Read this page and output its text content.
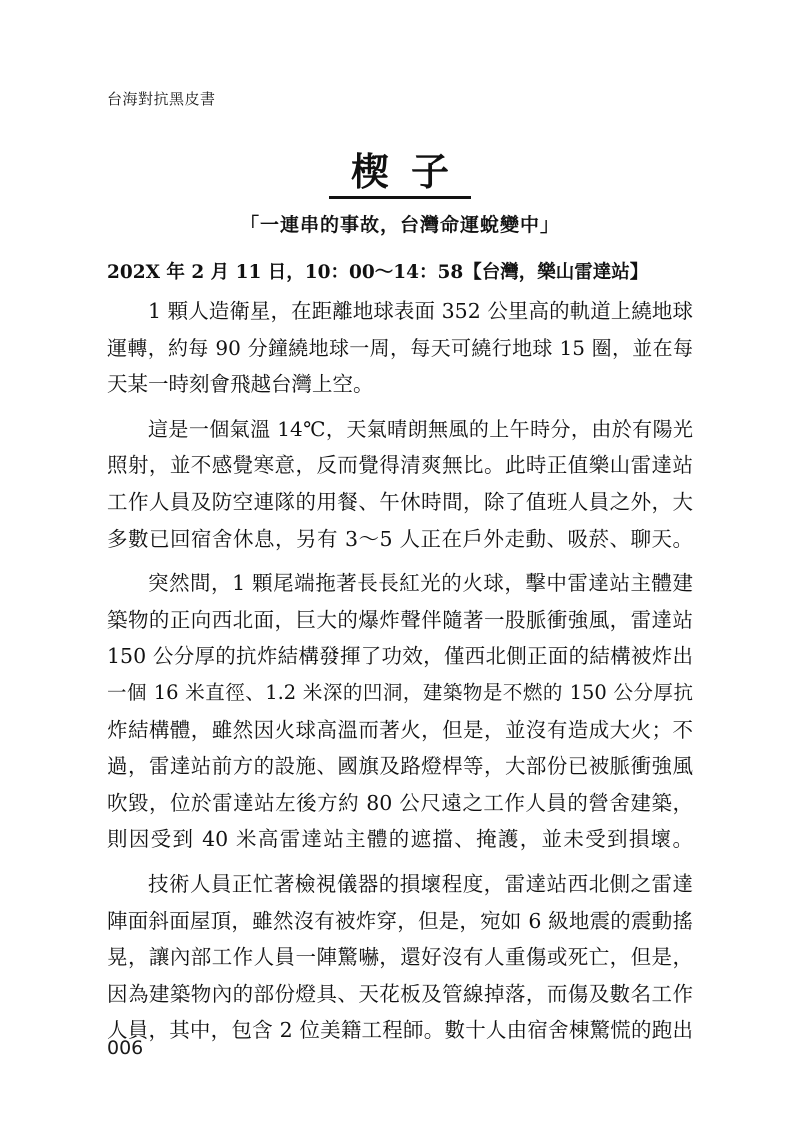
台海對抗黑皮書
楔子
「一連串的事故，台灣命運蛻變中」
202X 年 2 月 11 日，10：00～14：58【台灣，樂山雷達站】
1 顆人造衛星，在距離地球表面 352 公里高的軌道上繞地球
運轉，約每 90 分鐘繞地球一周，每天可繞行地球 15 圈，並在每
天某一時刻會飛越台灣上空。
這是一個氣溫 14℃，天氣晴朗無風的上午時分，由於有陽光
照射，並不感覺寒意，反而覺得清爽無比。此時正值樂山雷達站
工作人員及防空連隊的用餐、午休時間，除了值班人員之外，大
多數已回宿舍休息，另有 3～5 人正在戶外走動、吸菸、聊天。
突然間，1 顆尾端拖著長長紅光的火球，擊中雷達站主體建
築物的正向西北面，巨大的爆炸聲伴隨著一股脈衝強風，雷達站
150 公分厚的抗炸結構發揮了功效，僅西北側正面的結構被炸出
一個 16 米直徑、1.2 米深的凹洞，建築物是不燃的 150 公分厚抗
炸結構體，雖然因火球高溫而著火，但是，並沒有造成大火；不
過，雷達站前方的設施、國旗及路燈桿等，大部份已被脈衝強風
吹毀，位於雷達站左後方約 80 公尺遠之工作人員的營舍建築，
則因受到 40 米高雷達站主體的遮擋、掩護，並未受到損壞。
技術人員正忙著檢視儀器的損壞程度，雷達站西北側之雷達
陣面斜面屋頂，雖然沒有被炸穿，但是，宛如 6 級地震的震動搖
晃，讓內部工作人員一陣驚嚇，還好沒有人重傷或死亡，但是，
因為建築物內的部份燈具、天花板及管線掉落，而傷及數名工作
人員，其中，包含 2 位美籍工程師。數十人由宿舍棟驚慌的跑出
006
